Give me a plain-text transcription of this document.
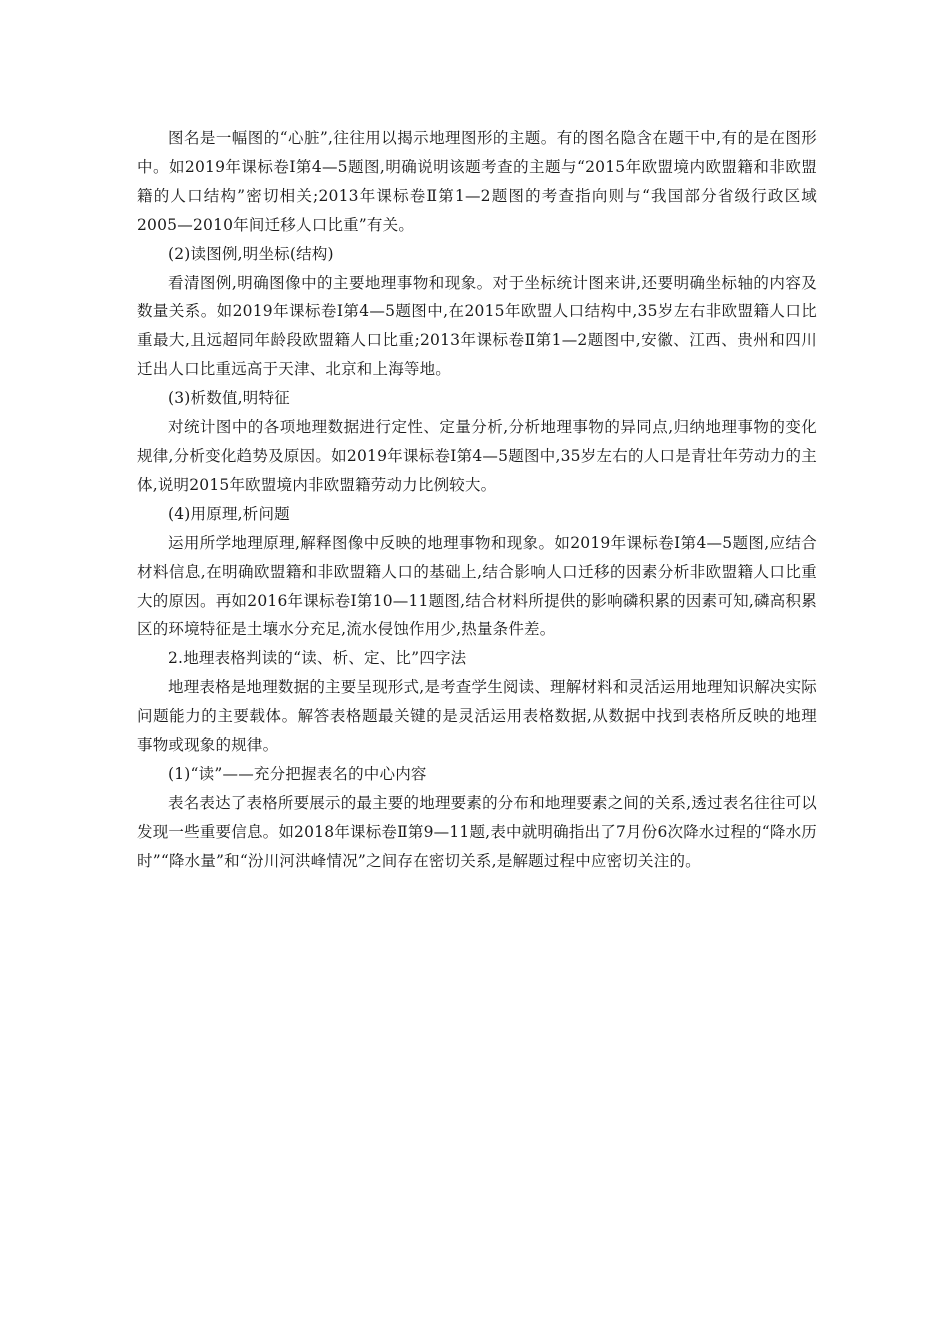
图名是一幅图的“心脏”,往往用以揭示地理图形的主题。有的图名隐含在题干中,有的是在图形中。如2019年课标卷Ⅰ第4—5题图,明确说明该题考查的主题与“2015年欧盟境内欧盟籍和非欧盟籍的人口结构”密切相关;2013年课标卷Ⅱ第1—2题图的考查指向则与“我国部分省级行政区域2005—2010年间迁移人口比重”有关。

(2)读图例,明坐标(结构)

看清图例,明确图像中的主要地理事物和现象。对于坐标统计图来讲,还要明确坐标轴的内容及数量关系。如2019年课标卷Ⅰ第4—5题图中,在2015年欧盟人口结构中,35岁左右非欧盟籍人口比重最大,且远超同年龄段欧盟籍人口比重;2013年课标卷Ⅱ第1—2题图中,安徽、江西、贵州和四川迁出人口比重远高于天津、北京和上海等地。

(3)析数值,明特征

对统计图中的各项地理数据进行定性、定量分析,分析地理事物的异同点,归纳地理事物的变化规律,分析变化趋势及原因。如2019年课标卷Ⅰ第4—5题图中,35岁左右的人口是青壮年劳动力的主体,说明2015年欧盟境内非欧盟籍劳动力比例较大。

(4)用原理,析问题

运用所学地理原理,解释图像中反映的地理事物和现象。如2019年课标卷Ⅰ第4—5题图,应结合材料信息,在明确欧盟籍和非欧盟籍人口的基础上,结合影响人口迁移的因素分析非欧盟籍人口比重大的原因。再如2016年课标卷Ⅰ第10—11题图,结合材料所提供的影响磷积累的因素可知,磷高积累区的环境特征是土壤水分充足,流水侵蚀作用少,热量条件差。

2.地理表格判读的“读、析、定、比”四字法

地理表格是地理数据的主要呈现形式,是考查学生阅读、理解材料和灵活运用地理知识解决实际问题能力的主要载体。解答表格题最关键的是灵活运用表格数据,从数据中找到表格所反映的地理事物或现象的规律。

(1)“读”——充分把握表名的中心内容

表名表达了表格所要展示的最主要的地理要素的分布和地理要素之间的关系,透过表名往往可以发现一些重要信息。如2018年课标卷Ⅱ第9—11题,表中就明确指出了7月份6次降水过程的“降水历时”“降水量”和“汾川河洪峰情况”之间存在密切关系,是解题过程中应密切关注的。
